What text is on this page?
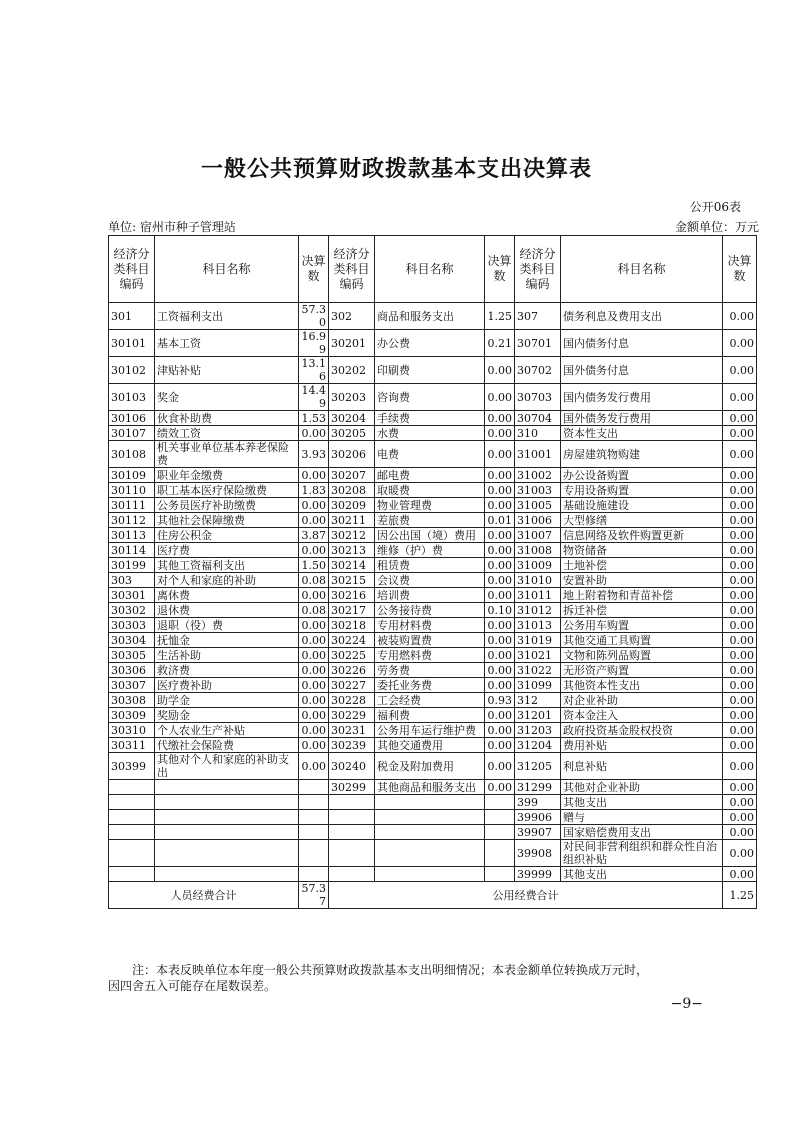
一般公共预算财政拨款基本支出决算表
公开06表
单位: 宿州市种子管理站	金额单位：万元
经济分类科目编码	科目名称	决算数	经济分类科目编码	科目名称	决算数	经济分类科目编码	科目名称	决算数
301	工资福利支出	57.30	302	商品和服务支出	1.25	307	债务利息及费用支出	0.00
30101	基本工资	16.99	30201	办公费	0.21	30701	国内债务付息	0.00
30102	津贴补贴	13.16	30202	印刷费	0.00	30702	国外债务付息	0.00
30103	奖金	14.49	30203	咨询费	0.00	30703	国内债务发行费用	0.00
30106	伙食补助费	1.53	30204	手续费	0.00	30704	国外债务发行费用	0.00
30107	绩效工资	0.00	30205	水费	0.00	310	资本性支出	0.00
30108	机关事业单位基本养老保险费	3.93	30206	电费	0.00	31001	房屋建筑物购建	0.00
30109	职业年金缴费	0.00	30207	邮电费	0.00	31002	办公设备购置	0.00
30110	职工基本医疗保险缴费	1.83	30208	取暖费	0.00	31003	专用设备购置	0.00
30111	公务员医疗补助缴费	0.00	30209	物业管理费	0.00	31005	基础设施建设	0.00
30112	其他社会保障缴费	0.00	30211	差旅费	0.01	31006	大型修缮	0.00
30113	住房公积金	3.87	30212	因公出国（境）费用	0.00	31007	信息网络及软件购置更新	0.00
30114	医疗费	0.00	30213	维修（护）费	0.00	31008	物资储备	0.00
30199	其他工资福利支出	1.50	30214	租赁费	0.00	31009	土地补偿	0.00
303	对个人和家庭的补助	0.08	30215	会议费	0.00	31010	安置补助	0.00
30301	离休费	0.00	30216	培训费	0.00	31011	地上附着物和青苗补偿	0.00
30302	退休费	0.08	30217	公务接待费	0.10	31012	拆迁补偿	0.00
30303	退职（役）费	0.00	30218	专用材料费	0.00	31013	公务用车购置	0.00
30304	抚恤金	0.00	30224	被装购置费	0.00	31019	其他交通工具购置	0.00
30305	生活补助	0.00	30225	专用燃料费	0.00	31021	文物和陈列品购置	0.00
30306	救济费	0.00	30226	劳务费	0.00	31022	无形资产购置	0.00
30307	医疗费补助	0.00	30227	委托业务费	0.00	31099	其他资本性支出	0.00
30308	助学金	0.00	30228	工会经费	0.93	312	对企业补助	0.00
30309	奖励金	0.00	30229	福利费	0.00	31201	资本金注入	0.00
30310	个人农业生产补贴	0.00	30231	公务用车运行维护费	0.00	31203	政府投资基金股权投资	0.00
30311	代缴社会保险费	0.00	30239	其他交通费用	0.00	31204	费用补贴	0.00
30399	其他对个人和家庭的补助支出	0.00	30240	税金及附加费用	0.00	31205	利息补贴	0.00
			30299	其他商品和服务支出	0.00	31299	其他对企业补助	0.00
						399	其他支出	0.00
						39906	赠与	0.00
						39907	国家赔偿费用支出	0.00
						39908	对民间非营利组织和群众性自治组织补贴	0.00
						39999	其他支出	0.00
人员经费合计		57.37	公用经费合计					1.25
注：本表反映单位本年度一般公共预算财政拨款基本支出明细情况；本表金额单位转换成万元时，
因四舍五入可能存在尾数误差。
−9−
